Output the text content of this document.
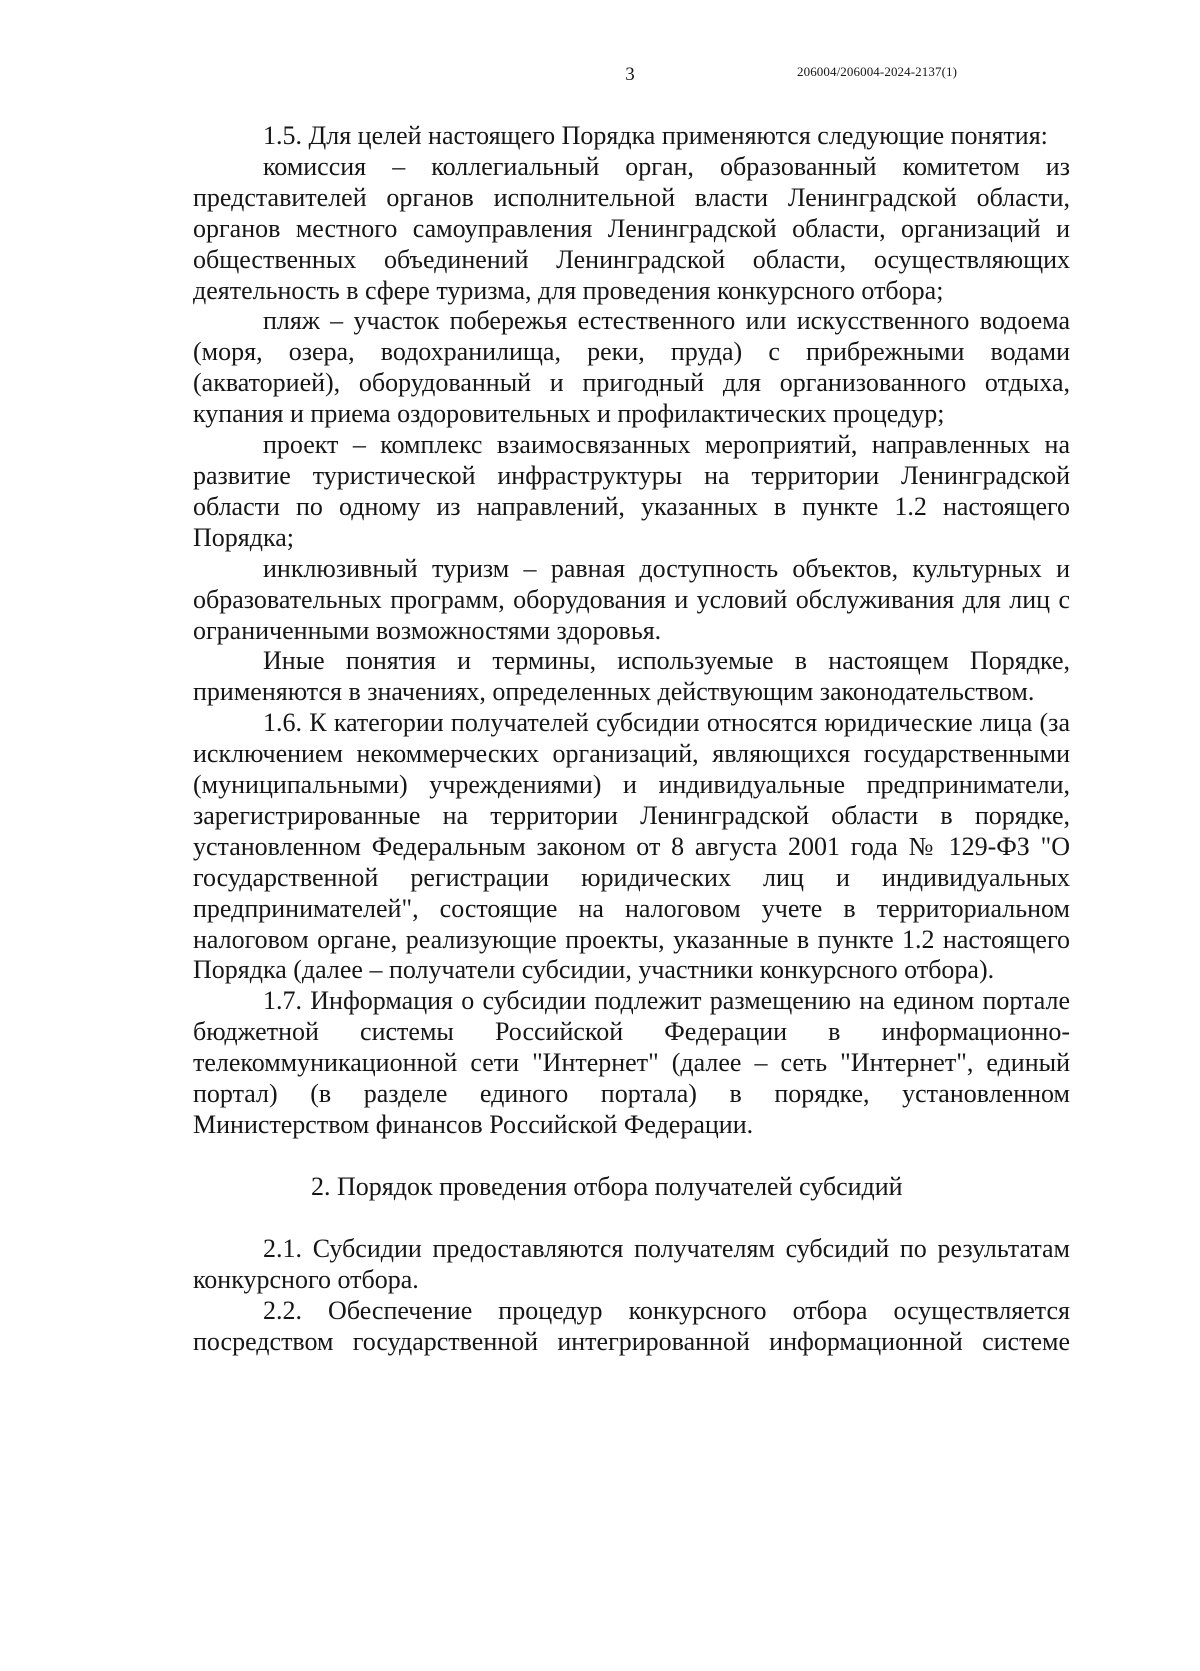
3	206004/206004-2024-2137(1)

1.5. Для целей настоящего Порядка применяются следующие понятия:

комиссия – коллегиальный орган, образованный комитетом из представителей органов исполнительной власти Ленинградской области, органов местного самоуправления Ленинградской области, организаций и общественных объединений Ленинградской области, осуществляющих деятельность в сфере туризма, для проведения конкурсного отбора;

пляж – участок побережья естественного или искусственного водоема (моря, озера, водохранилища, реки, пруда) с прибрежными водами (акваторией), оборудованный и пригодный для организованного отдыха, купания и приема оздоровительных и профилактических процедур;

проект – комплекс взаимосвязанных мероприятий, направленных на развитие туристической инфраструктуры на территории Ленинградской области по одному из направлений, указанных в пункте 1.2 настоящего Порядка;

инклюзивный туризм – равная доступность объектов, культурных и образовательных программ, оборудования и условий обслуживания для лиц с ограниченными возможностями здоровья.

Иные понятия и термины, используемые в настоящем Порядке, применяются в значениях, определенных действующим законодательством.

1.6. К категории получателей субсидии относятся юридические лица (за исключением некоммерческих организаций, являющихся государственными (муниципальными) учреждениями) и индивидуальные предприниматели, зарегистрированные на территории Ленинградской области в порядке, установленном Федеральным законом от 8 августа 2001 года № 129-ФЗ "О государственной регистрации юридических лиц и индивидуальных предпринимателей", состоящие на налоговом учете в территориальном налоговом органе, реализующие проекты, указанные в пункте 1.2 настоящего Порядка (далее – получатели субсидии, участники конкурсного отбора).

1.7. Информация о субсидии подлежит размещению на едином портале бюджетной системы Российской Федерации в информационно-телекоммуникационной сети "Интернет" (далее – сеть "Интернет", единый портал) (в разделе единого портала) в порядке, установленном Министерством финансов Российской Федерации.

2. Порядок проведения отбора получателей субсидий

2.1. Субсидии предоставляются получателям субсидий по результатам конкурсного отбора.

2.2. Обеспечение процедур конкурсного отбора осуществляется посредством государственной интегрированной информационной системе
